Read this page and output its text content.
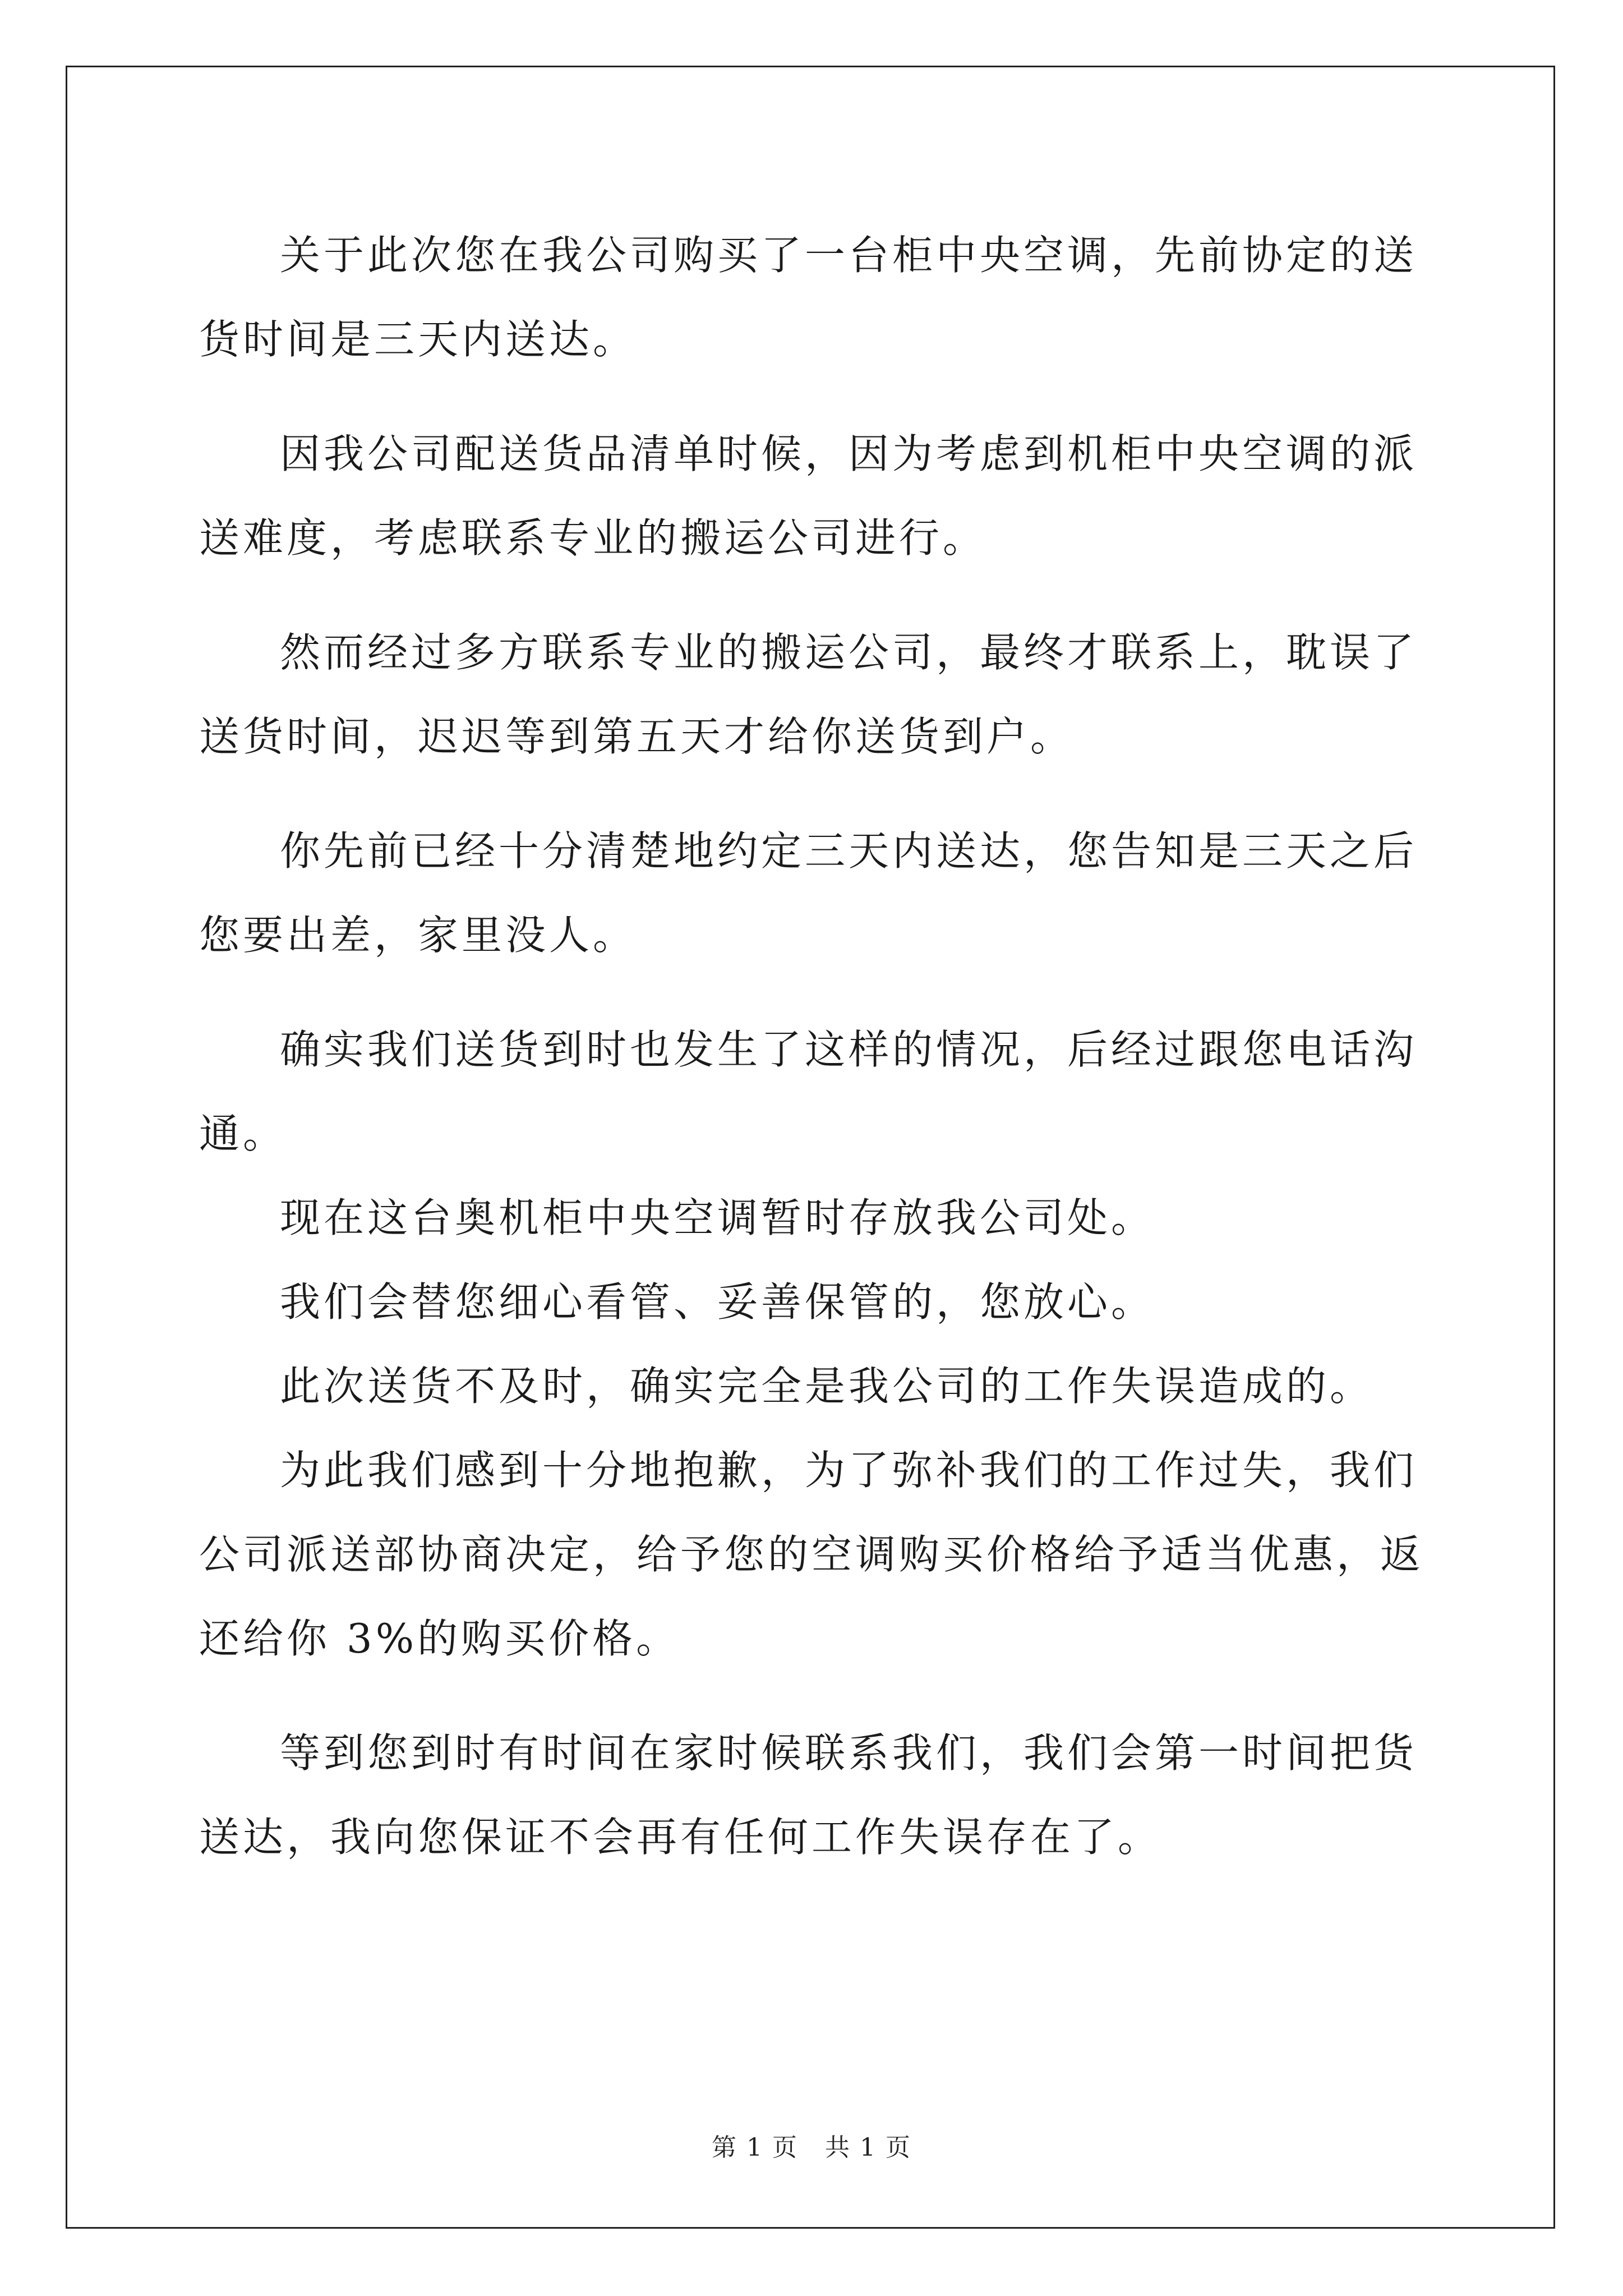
关于此次您在我公司购买了一台柜中央空调，先前协定的送货时间是三天内送达。

因我公司配送货品清单时候，因为考虑到机柜中央空调的派送难度，考虑联系专业的搬运公司进行。

然而经过多方联系专业的搬运公司，最终才联系上，耽误了送货时间，迟迟等到第五天才给你送货到户。

你先前已经十分清楚地约定三天内送达，您告知是三天之后您要出差，家里没人。

确实我们送货到时也发生了这样的情况，后经过跟您电话沟通。

现在这台奥机柜中央空调暂时存放我公司处。

我们会替您细心看管、妥善保管的，您放心。

此次送货不及时，确实完全是我公司的工作失误造成的。

为此我们感到十分地抱歉，为了弥补我们的工作过失，我们公司派送部协商决定，给予您的空调购买价格给予适当优惠，返还给你 3%的购买价格。

等到您到时有时间在家时候联系我们，我们会第一时间把货送达，我向您保证不会再有任何工作失误存在了。

第 1 页 共 1 页
